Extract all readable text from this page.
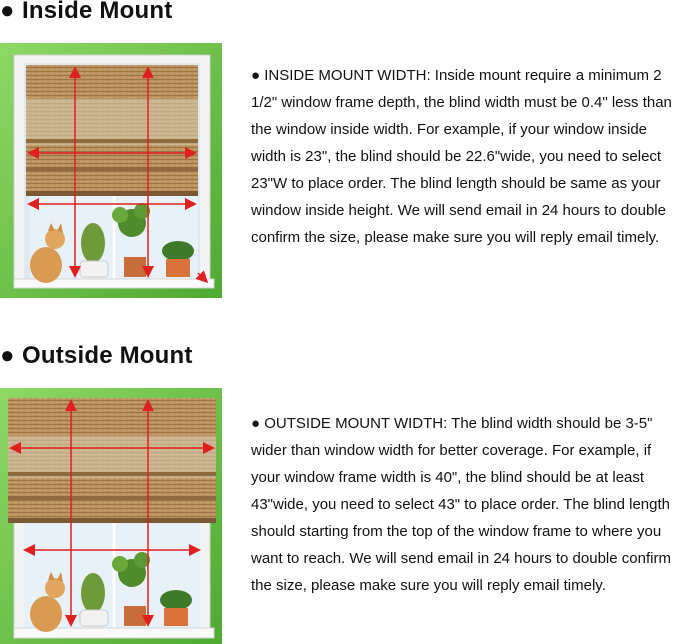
● Inside Mount
● INSIDE MOUNT WIDTH: Inside mount require a minimum 2 1/2" window frame depth, the blind width must be 0.4" less than the window inside width. For example, if your window inside width is 23", the blind should be 22.6"wide, you need to select 23"W to place order. The blind length should be same as your window inside height. We will send email in 24 hours to double confirm the size, please make sure you will reply email timely.
● Outside Mount
● OUTSIDE MOUNT WIDTH: The blind width should be 3-5" wider than window width for better coverage. For example, if your window frame width is 40", the blind should be at least 43"wide, you need to select 43" to place order. The blind length should starting from the top of the window frame to where you want to reach. We will send email in 24 hours to double confirm the size, please make sure you will reply email timely.
